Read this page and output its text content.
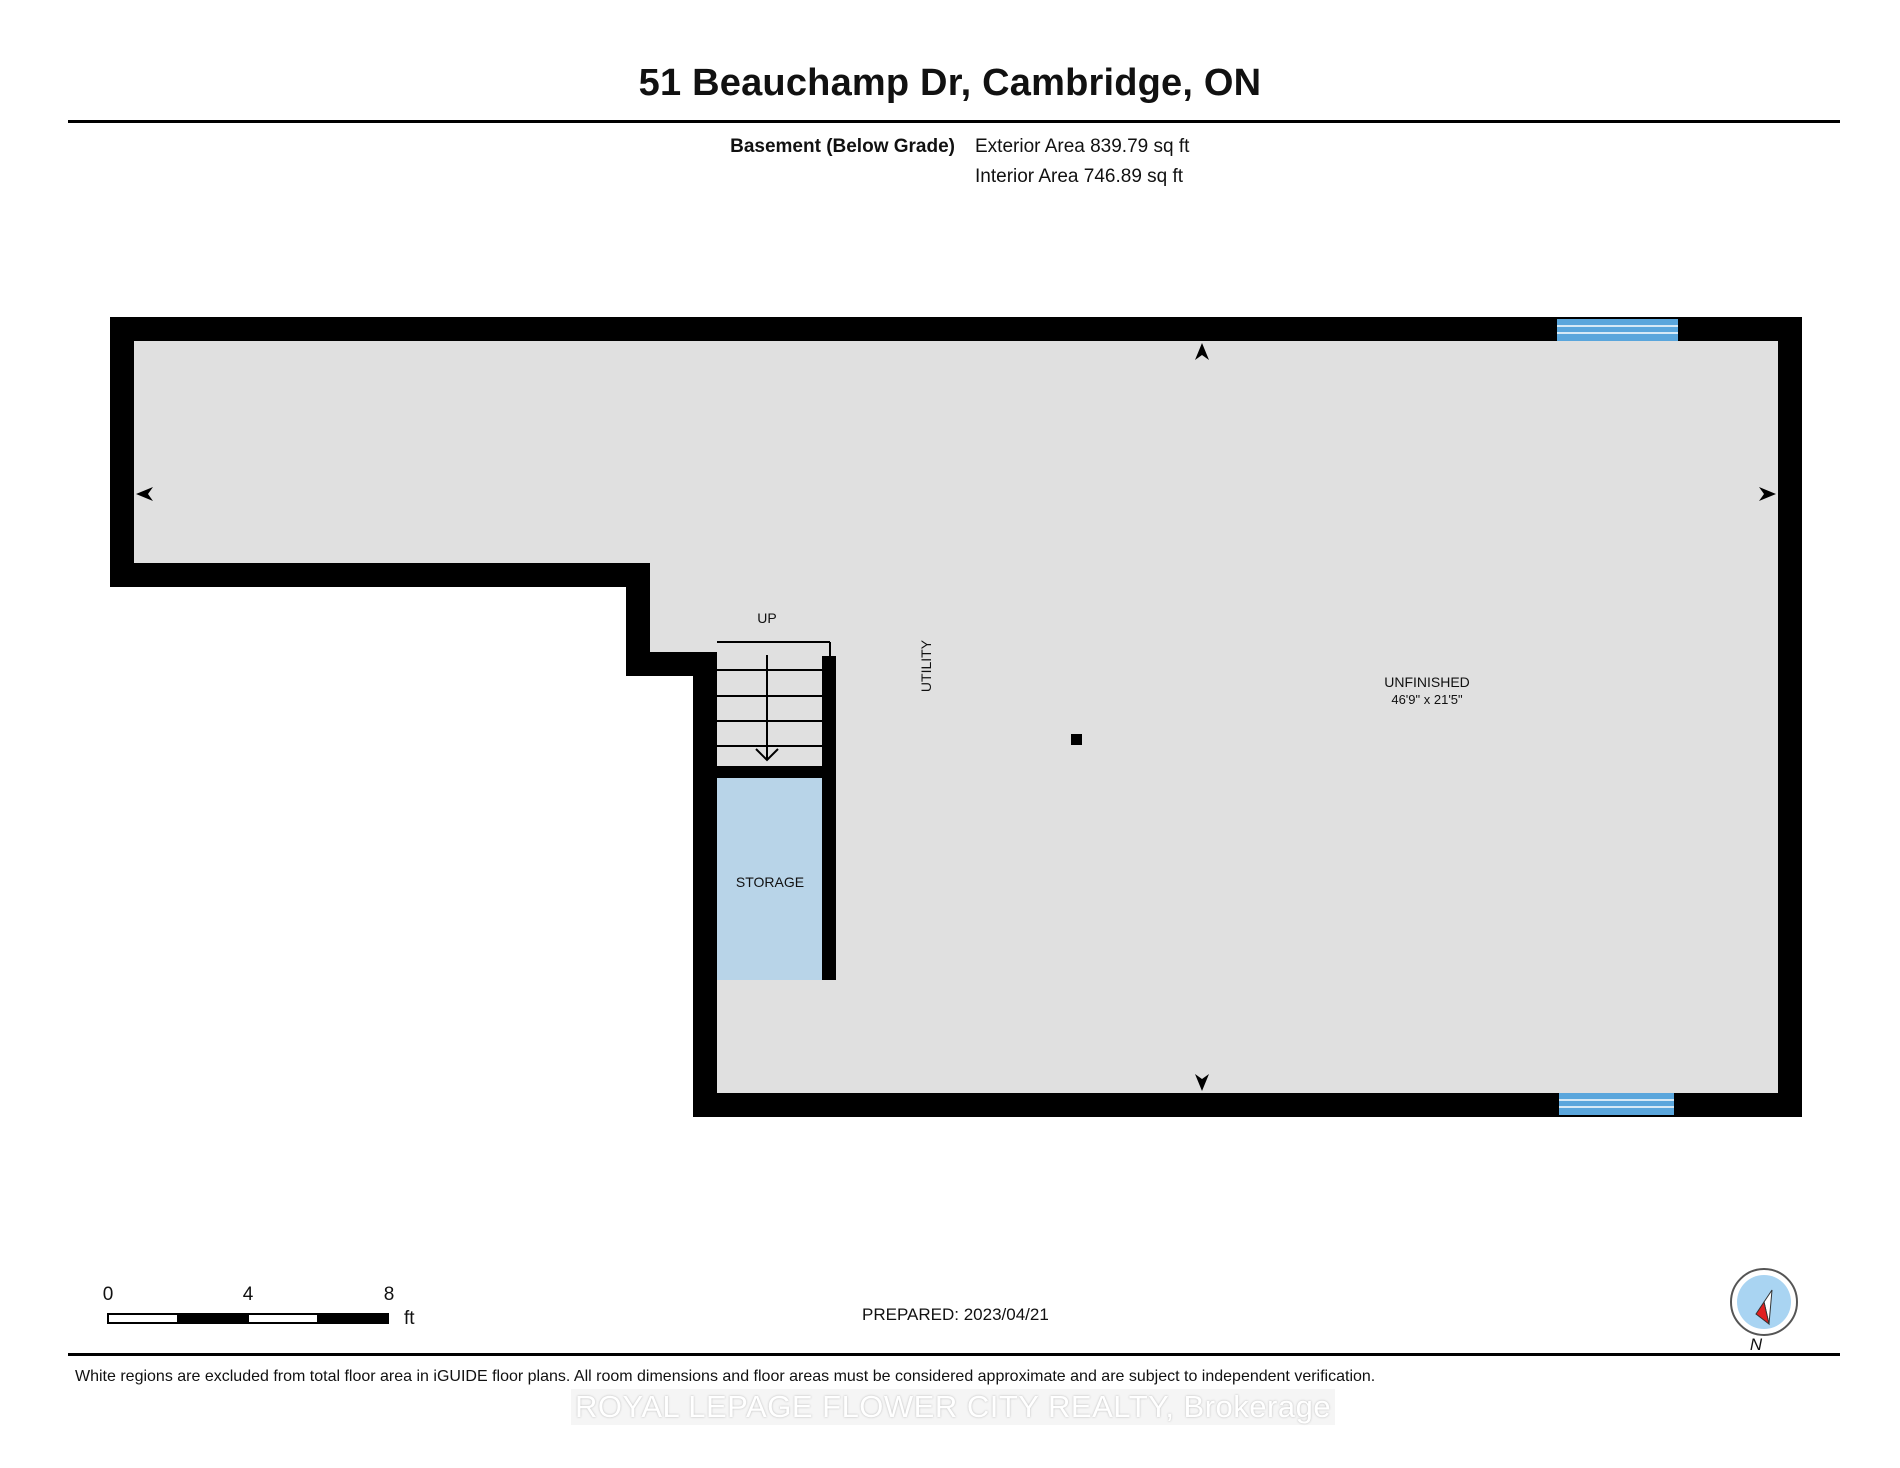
51 Beauchamp Dr, Cambridge, ON
Basement (Below Grade) Exterior Area 839.79 sq ft
Interior Area 746.89 sq ft
UNFINISHED
46'9" x 21'5"
UTILITY
STORAGE
UP
0	4	8
ft	PREPARED: 2023/04/21
N
White regions are excluded from total floor area in iGUIDE floor plans. All room dimensions and floor areas must be considered approximate and are subject to independent verification.
ROYAL LEPAGE FLOWER CITY REALTY, Brokerage
